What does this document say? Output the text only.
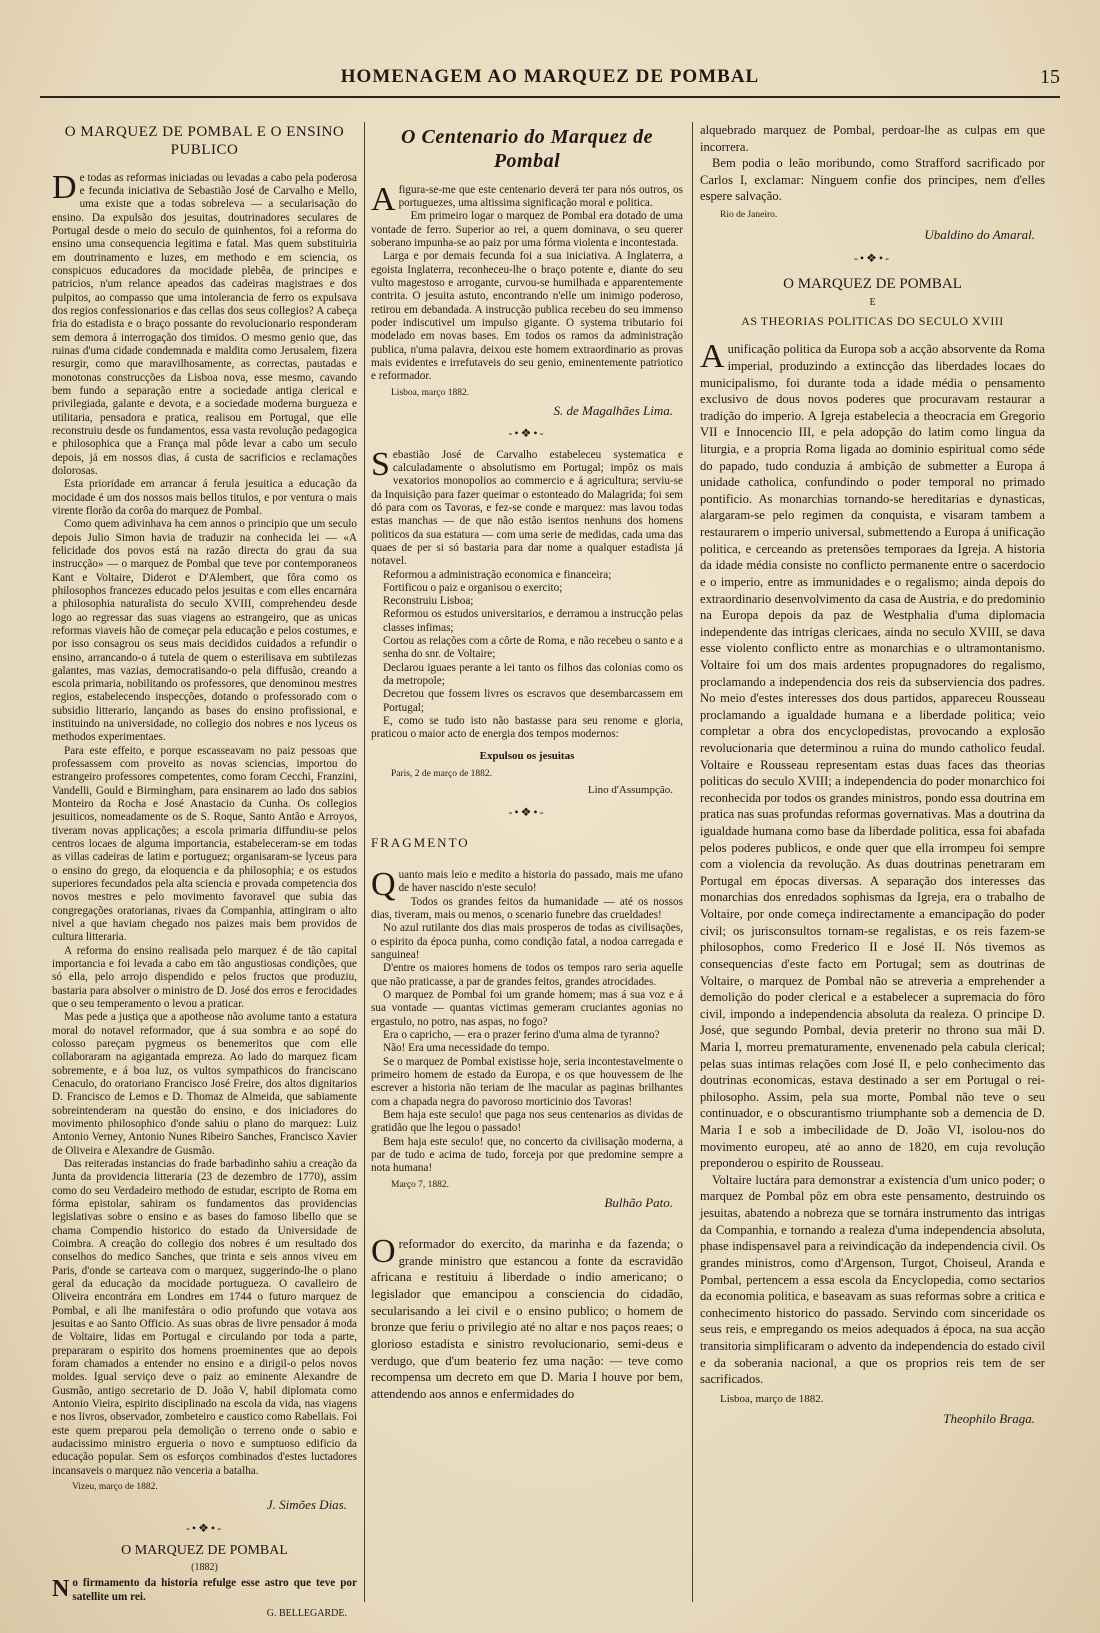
HOMENAGEM AO MARQUEZ DE POMBAL	15
O MARQUEZ DE POMBAL E O ENSINO PUBLICO

De todas as reformas iniciadas ou levadas a cabo pela poderosa e fecunda iniciativa de Sebastião José de Carvalho e Mello, uma existe que a todas sobreleva — a secularisação do ensino. Da expulsão dos jesuitas, doutrinadores seculares de Portugal desde o meio do seculo de quinhentos, foi a reforma do ensino uma consequencia legitima e fatal. Mas quem substituiria em doutrinamento e luzes, em methodo e em sciencia, os conspicuos educadores da mocidade plebêa, de principes e patricios, n'um relance apeados das cadeiras magistraes e dos pulpitos, ao compasso que uma intolerancia de ferro os expulsava dos regios confessionarios e das cellas dos seus collegios? A cabeça fria do estadista e o braço possante do revolucionario responderam sem demora á interrogação dos timidos. O mesmo genio que, das ruinas d'uma cidade condemnada e maldita como Jerusalem, fizera resurgir, como que maravilhosamente, as correctas, pautadas e monotonas construcções da Lisboa nova, esse mesmo, cavando bem fundo a separação entre a sociedade antiga clerical e privilegiada, galante e devota, e a sociedade moderna burgueza e utilitaria, pensadora e pratica, realisou em Portugal, que elle reconstruiu desde os fundamentos, essa vasta revolução pedagogica e philosophica que a França mal pôde levar a cabo um seculo depois, já em nossos dias, á custa de sacrificios e reclamações dolorosas.

Esta prioridade em arrancar á ferula jesuitica a educação da mocidade é um dos nossos mais bellos titulos, e por ventura o mais virente florão da corôa do marquez de Pombal.

Como quem adivinhava ha cem annos o principio que um seculo depois Julio Simon havia de traduzir na conhecida lei — «A felicidade dos povos está na razão directa do grau da sua instrucção» — o marquez de Pombal que teve por contemporaneos Kant e Voltaire, Diderot e D'Alembert, que fôra como os philosophos francezes educado pelos jesuitas e com elles encarnára a philosophia naturalista do seculo XVIII, comprehendeu desde logo ao regressar das suas viagens ao estrangeiro, que as unicas reformas viaveis hão de começar pela educação e pelos costumes, e por isso consagrou os seus mais decididos cuidados a refundir o ensino, arrancando-o á tutela de quem o esterilisava em subtilezas galantes, mas vazias, democratisando-o pela diffusão, creando a escola primaria, nobilitando os professores, que denominou mestres regios, estabelecendo inspecções, dotando o professorado com o subsidio litterario, lançando as bases do ensino profissional, e instituindo na universidade, no collegio dos nobres e nos lyceus os methodos experimentaes.

Para este effeito, e porque escasseavam no paiz pessoas que professassem com proveito as novas sciencias, importou do estrangeiro professores competentes, como foram Cecchi, Franzini, Vandelli, Gould e Birmingham, para ensinarem ao lado dos sabios Monteiro da Rocha e José Anastacio da Cunha. Os collegios jesuiticos, nomeadamente os de S. Roque, Santo Antão e Arroyos, tiveram novas applicações; a escola primaria diffundiu-se pelos centros locaes de alguma importancia, estabeleceram-se em todas as villas cadeiras de latim e portuguez; organisaram-se lyceus para o ensino do grego, da eloquencia e da philosophia; e os estudos superiores fecundados pela alta sciencia e provada competencia dos novos mestres e pelo movimento favoravel que subia das congregações oratorianas, rivaes da Companhia, attingiram o alto nivel a que haviam chegado nos paizes mais bem providos de cultura litteraria.

A reforma do ensino realisada pelo marquez é de tão capital importancia e foi levada a cabo em tão angustiosas condições, que só ella, pelo arrojo dispendido e pelos fructos que produziu, bastaria para absolver o ministro de D. José dos erros e ferocidades que o seu temperamento o levou a praticar.

Mas pede a justiça que a apotheose não avolume tanto a estatura moral do notavel reformador, que á sua sombra e ao sopé do colosso pareçam pygmeus os benemeritos que com elle collaboraram na agigantada empreza. Ao lado do marquez ficam sobremente, e á boa luz, os vultos sympathicos do franciscano Cenaculo, do oratoriano Francisco José Freire, dos altos dignitarios D. Francisco de Lemos e D. Thomaz de Almeida, que sabiamente sobreintenderam na questão do ensino, e dos iniciadores do movimento philosophico d'onde sahiu o plano do marquez: Luiz Antonio Verney, Antonio Nunes Ribeiro Sanches, Francisco Xavier de Oliveira e Alexandre de Gusmão.

Das reiteradas instancias do frade barbadinho sahiu a creação da Junta da providencia litteraria (23 de dezembro de 1770), assim como do seu Verdadeiro methodo de estudar, escripto de Roma em fórma epistolar, sahiram os fundamentos das providencias legislativas sobre o ensino e as bases do famoso libello que se chama Compendio historico do estado da Universidade de Coimbra. A creação do collegio dos nobres é um resultado dos conselhos do medico Sanches, que trinta e seis annos viveu em Paris, d'onde se carteava com o marquez, suggerindo-lhe o plano geral da educação da mocidade portugueza. O cavalleiro de Oliveira encontrára em Londres em 1744 o futuro marquez de Pombal, e ali lhe manifestára o odio profundo que votava aos jesuitas e ao Santo Officio. As suas obras de livre pensador á moda de Voltaire, lidas em Portugal e circulando por toda a parte, prepararam o espirito dos homens proeminentes que ao depois foram chamados a entender no ensino e a dirigil-o pelos novos moldes. Igual serviço deve o paiz ao eminente Alexandre de Gusmão, antigo secretario de D. João V, habil diplomata como Antonio Vieira, espirito disciplinado na escola da vida, nas viagens e nos livros, observador, zombeteiro e caustico como Rabellais. Foi este quem preparou pela demolição o terreno onde o sabio e audacissimo ministro ergueria o novo e sumptuoso edificio da educação popular. Sem os esforços combinados d'estes luctadores incansaveis o marquez não venceria a batalha.

Vizeu, março de 1882.
J. Simões Dias.
-•❖•-
O MARQUEZ DE POMBAL
(1882)

No firmamento da historia refulge esse astro que teve por satellite um rei.

G. BELLEGARDE.
O Centenario do Marquez de Pombal

Afigura-se-me que este centenario deverá ter para nós outros, os portuguezes, uma altissima significação moral e politica.

Em primeiro logar o marquez de Pombal era dotado de uma vontade de ferro. Superior ao rei, a quem dominava, o seu querer soberano impunha-se ao paiz por uma fórma violenta e incontestada.

Larga e por demais fecunda foi a sua iniciativa. A Inglaterra, a egoista Inglaterra, reconheceu-lhe o braço potente e, diante do seu vulto magestoso e arrogante, curvou-se humilhada e apparentemente contrita. O jesuita astuto, encontrando n'elle um inimigo poderoso, retirou em debandada. A instrucção publica recebeu do seu immenso poder indiscutivel um impulso gigante. O systema tributario foi modelado em novas bases. Em todos os ramos da administração publica, n'uma palavra, deixou este homem extraordinario as provas mais evidentes e irrefutaveis do seu genio, eminentemente patriotico e reformador.

Lisboa, março 1882.
S. de Magalhães Lima.
-•❖•-

Sebastião José de Carvalho estabeleceu systematica e calculadamente o absolutismo em Portugal; impôz os mais vexatorios monopolios ao commercio e á agricultura; serviu-se da Inquisição para fazer queimar o estonteado do Malagrida; foi sem dó para com os Tavoras, e fez-se conde e marquez: mas lavou todas estas manchas — de que não estão isentos nenhuns dos homens politicos da sua estatura — com uma serie de medidas, cada uma das quaes de per si só bastaria para dar nome a qualquer estadista já notavel.

Reformou a administração economica e financeira;

Fortificou o paiz e organisou o exercito;

Reconstruiu Lisboa;

Reformou os estudos universitarios, e derramou a instrucção pelas classes infimas;

Cortou as relações com a côrte de Roma, e não recebeu o santo e a senha do snr. de Voltaire;

Declarou iguaes perante a lei tanto os filhos das colonias como os da metropole;

Decretou que fossem livres os escravos que desembarcassem em Portugal;

E, como se tudo isto não bastasse para seu renome e gloria, praticou o maior acto de energia dos tempos modernos:

Expulsou os jesuitas
Paris, 2 de março de 1882.
Lino d'Assumpção.
-•❖•-
FRAGMENTO

Quanto mais leio e medito a historia do passado, mais me ufano de haver nascido n'este seculo!

Todos os grandes feitos da humanidade — até os nossos dias, tiveram, mais ou menos, o scenario funebre das crueldades!

No azul rutilante dos dias mais prosperos de todas as civilisações, o espirito da época punha, como condição fatal, a nodoa carregada e sanguinea!

D'entre os maiores homens de todos os tempos raro seria aquelle que não praticasse, a par de grandes feitos, grandes atrocidades.

O marquez de Pombal foi um grande homem; mas á sua voz e á sua vontade — quantas victimas gemeram cruciantes agonias no ergastulo, no potro, nas aspas, no fogo?

Era o capricho, — era o prazer ferino d'uma alma de tyranno?

Não! Era uma necessidade do tempo.

Se o marquez de Pombal existisse hoje, seria incontestavelmente o primeiro homem de estado da Europa, e os que houvessem de lhe escrever a historia não teriam de lhe macular as paginas brilhantes com a chapada negra do pavoroso morticinio dos Tavoras!

Bem haja este seculo! que paga nos seus centenarios as dividas de gratidão que lhe legou o passado!

Bem haja este seculo! que, no concerto da civilisação moderna, a par de tudo e acima de tudo, forceja por que predomine sempre a nota humana!

Março 7, 1882.
Bulhão Pato.

Oreformador do exercito, da marinha e da fazenda; o grande ministro que estancou a fonte da escravidão africana e restituiu á liberdade o indio americano; o legislador que emancipou a consciencia do cidadão, secularisando a lei civil e o ensino publico; o homem de bronze que feriu o privilegio até no altar e nos paços reaes; o glorioso estadista e sinistro revolucionario, semi-deus e verdugo, que d'um beaterio fez uma nação: — teve como recompensa um decreto em que D. Maria I houve por bem, attendendo aos annos e enfermidades do

alquebrado marquez de Pombal, perdoar-lhe as culpas em que incorrera.

Bem podia o leão moribundo, como Strafford sacrificado por Carlos I, exclamar: Ninguem confie dos principes, nem d'elles espere salvação.

Rio de Janeiro.
Ubaldino do Amaral.
-•❖•-
O MARQUEZ DE POMBAL
E
AS THEORIAS POLITICAS DO SECULO XVIII

Aunificação politica da Europa sob a acção absorvente da Roma imperial, produzindo a extincção das liberdades locaes do municipalismo, foi durante toda a idade média o pensamento exclusivo de dous novos poderes que procuravam restaurar a tradição do imperio. A Igreja estabelecia a theocracia em Gregorio VII e Innocencio III, e pela adopção do latim como lingua da liturgia, e a propria Roma ligada ao dominio espiritual como séde do papado, tudo conduzia á ambição de submetter a Europa á unidade catholica, confundindo o poder temporal no primado pontificio. As monarchias tornando-se hereditarias e dynasticas, alargaram-se pelo regimen da conquista, e visaram tambem a restaurarem o imperio universal, submettendo a Europa á unificação politica, e cerceando as pretensões temporaes da Igreja. A historia da idade média consiste no conflicto permanente entre o sacerdocio e o imperio, entre as immunidades e o regalismo; ainda depois do extraordinario desenvolvimento da casa de Austria, e do predominio na Europa depois da paz de Westphalia d'uma diplomacia independente das intrigas clericaes, ainda no seculo XVIII, se dava esse violento conflicto entre as monarchias e o ultramontanismo. Voltaire foi um dos mais ardentes propugnadores do regalismo, proclamando a independencia dos reis da subserviencia dos padres. No meio d'estes interesses dos dous partidos, appareceu Rousseau proclamando a igualdade humana e a liberdade politica; veio completar a obra dos encyclopedistas, provocando a explosão revolucionaria que determinou a ruina do mundo catholico feudal. Voltaire e Rousseau representam estas duas faces das theorias politicas do seculo XVIII; a independencia do poder monarchico foi reconhecida por todos os grandes ministros, pondo essa doutrina em pratica nas suas profundas reformas governativas. Mas a doutrina da igualdade humana como base da liberdade politica, essa foi abafada pelos poderes publicos, e onde quer que ella irrompeu foi sempre com a violencia da revolução. As duas doutrinas penetraram em Portugal em épocas diversas. A separação dos interesses das monarchias dos enredados sophismas da Igreja, era o trabalho de Voltaire, por onde começa indirectamente a emancipação do poder civil; os jurisconsultos tornam-se regalistas, e os reis fazem-se philosophos, como Frederico II e José II. Nós tivemos as consequencias d'este facto em Portugal; sem as doutrinas de Voltaire, o marquez de Pombal não se atreveria a emprehender a demolição do poder clerical e a estabelecer a supremacia do fôro civil, impondo a independencia absoluta da realeza. O principe D. José, que segundo Pombal, devia preterir no throno sua mãi D. Maria I, morreu prematuramente, envenenado pela cabula clerical; pelas suas intimas relações com José II, e pelo conhecimento das doutrinas economicas, estava destinado a ser em Portugal o rei-philosopho. Assim, pela sua morte, Pombal não teve o seu continuador, e o obscurantismo triumphante sob a demencia de D. Maria I e sob a imbecilidade de D. João VI, isolou-nos do movimento europeu, até ao anno de 1820, em cuja revolução preponderou o espirito de Rousseau.

Voltaire luctára para demonstrar a existencia d'um unico poder; o marquez de Pombal pôz em obra este pensamento, destruindo os jesuitas, abatendo a nobreza que se tornára instrumento das intrigas da Companhia, e tornando a realeza d'uma independencia absoluta, phase indispensavel para a reivindicação da independencia civil. Os grandes ministros, como d'Argenson, Turgot, Choiseul, Aranda e Pombal, pertencem a essa escola da Encyclopedia, como sectarios da economia politica, e baseavam as suas reformas sobre a critica e conhecimento historico do passado. Servindo com sinceridade os seus reis, e empregando os meios adequados á época, na sua acção transitoria simplificaram o advento da independencia do estado civil e da soberania nacional, a que os proprios reis tem de ser sacrificados.

Lisboa, março de 1882.
Theophilo Braga.
